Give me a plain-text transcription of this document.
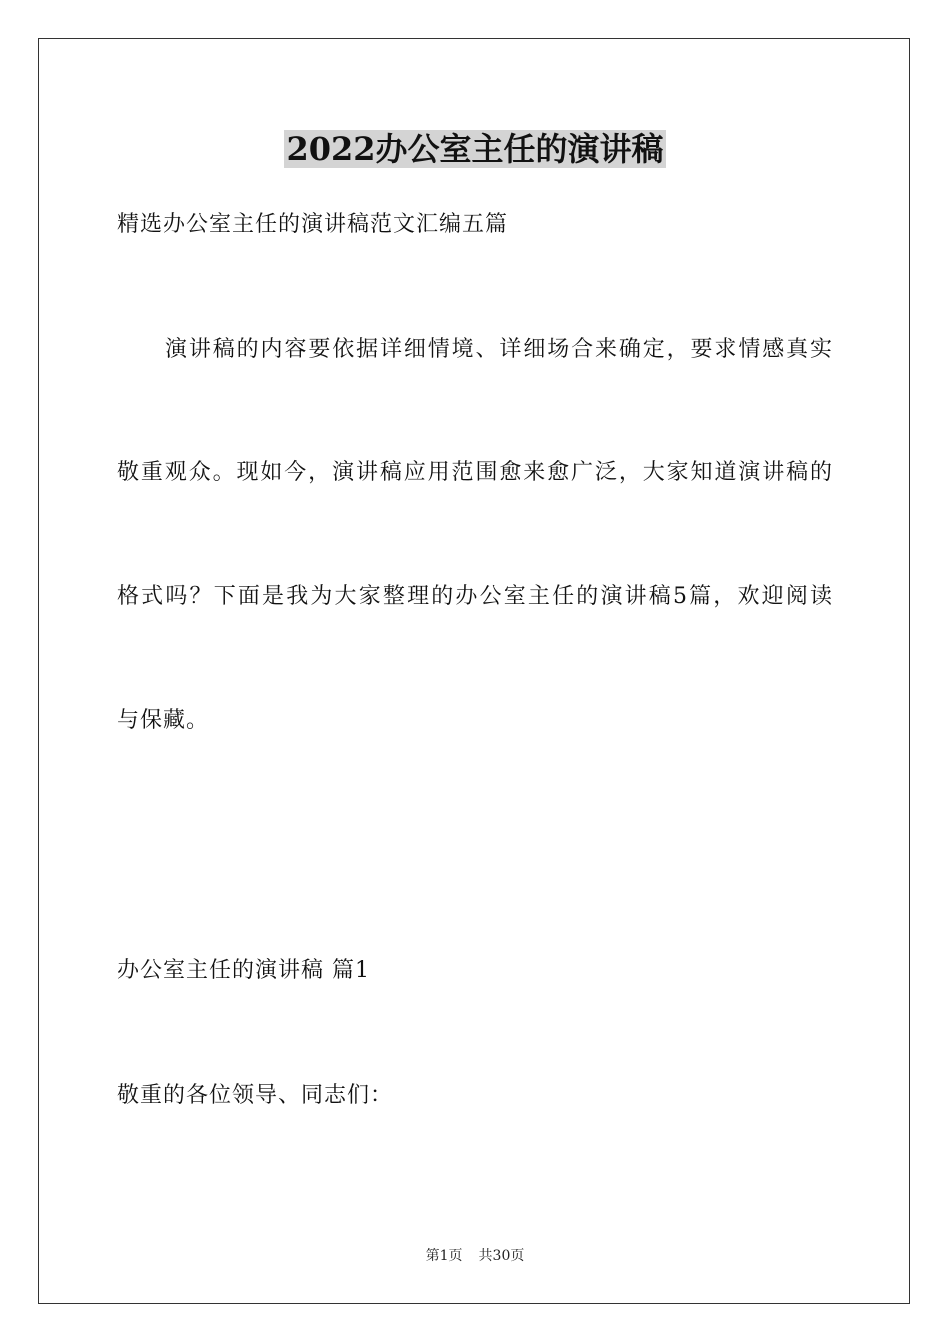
2022办公室主任的演讲稿
精选办公室主任的演讲稿范文汇编五篇
演讲稿的内容要依据详细情境、详细场合来确定，要求情感真实
敬重观众。现如今，演讲稿应用范围愈来愈广泛，大家知道演讲稿的
格式吗？下面是我为大家整理的办公室主任的演讲稿5篇，欢迎阅读
与保藏。
办公室主任的演讲稿 篇1
敬重的各位领导、同志们：
第1页 共30页
